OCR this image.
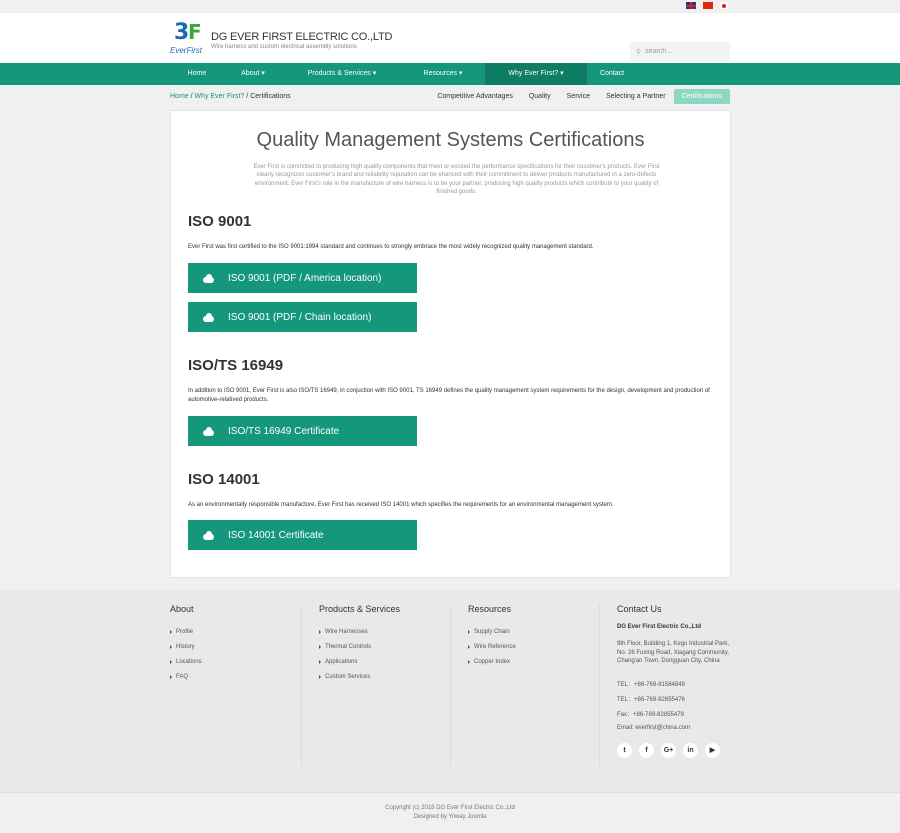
3
F
EverFirst
DG EVER FIRST ELECTRIC CO.,LTD
Wire harness and custom electrical assembly solutions
⚲ search...
Home	About ▾	Products & Services ▾	Resources ▾	Why Ever First? ▾	Contact
Home / Why Ever First? / Certifications	Competitive Advantages	Quality	Service	Selecting a Partner	Certifications
Quality Management Systems Certifications

Ever First is committed to producing high quality components that meet or exceed the performance specifications for their cusotmer's products. Ever First clearly recognizes customer's brand and reliability reputation can be ehanced with their commitment to deliver products manufactured in a zero-defects environment. Ever First's role in the manufacture of wire harness is to be your partner, producing high quality products which contribute to your quality of finished goods.

ISO 9001

Ever First was first certified to the ISO 9001:1994 standard and continues to strongly embrace the most widely recognized quality management standard.

ISO 9001 (PDF / America location)
ISO 9001 (PDF / Chain location)
ISO/TS 16949

In addition to ISO 9001, Ever First is also ISO/TS 16949, in conjuction with ISO 9001, TS 16949 defines the quality management system requirements for the design, development and production of automotive-relatived products.

ISO/TS 16949 Certificate
ISO 14001

As an environmentally responsible manufacture, Ever First has received ISO 14001 which specifies the requirements for an environmental management system.

ISO 14001 Certificate
About
Profile
History
Locations
FAQ
Products & Services
Wire Harnesses
Thermal Controls
Applications
Custom Services
Resources
Supply Chain
Wire Reference
Copper Index
Contact Us
DG Ever First Electric Co.,Ltd
9th Floor, Building 1, Kegu Industrial Park, No. 26 Fuxing Road, Xiagang Community, Chang'an Town, Dongguan City, China
TEL：+86-769-81584849
TEL：+86-769-82855476
Fax：+86-769-82855479
Email: everfirst@china.com
t	f	G+	in	▶
Copyright (c) 2018 DG Ever First Electric Co.,Ltd
Designed by Yiiway Joomla
